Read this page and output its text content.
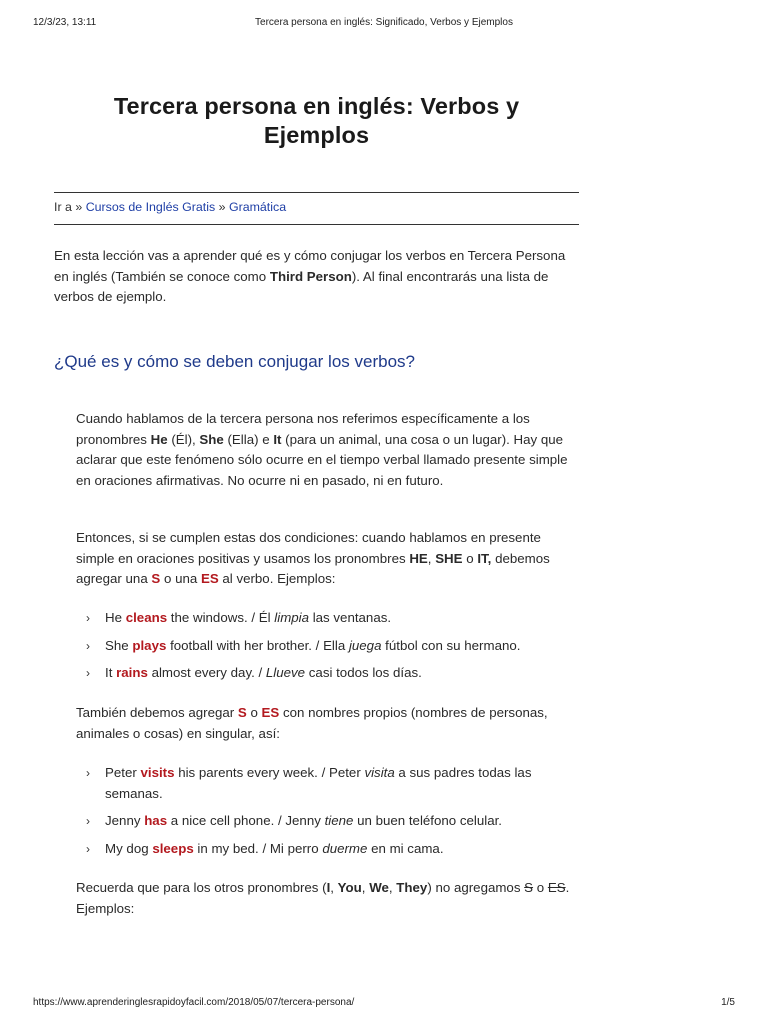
12/3/23, 13:11	Tercera persona en inglés: Significado, Verbos y Ejemplos
Tercera persona en inglés: Verbos y
Ejemplos
Ir a » Cursos de Inglés Gratis » Gramática

En esta lección vas a aprender qué es y cómo conjugar los verbos en Tercera Persona en inglés (También se conoce como Third Person). Al final encontrarás una lista de verbos de ejemplo.

¿Qué es y cómo se deben conjugar los verbos?

Cuando hablamos de la tercera persona nos referimos específicamente a los pronombres He (Él), She (Ella) e It (para un animal, una cosa o un lugar). Hay que aclarar que este fenómeno sólo ocurre en el tiempo verbal llamado presente simple en oraciones afirmativas. No ocurre ni en pasado, ni en futuro.

Entonces, si se cumplen estas dos condiciones: cuando hablamos en presente simple en oraciones positivas y usamos los pronombres HE, SHE o IT, debemos agregar una S o una ES al verbo. Ejemplos:

› He cleans the windows. / Él limpia las ventanas.
› She plays football with her brother. / Ella juega fútbol con su hermano.
› It rains almost every day. / Llueve casi todos los días.

También debemos agregar S o ES con nombres propios (nombres de personas, animales o cosas) en singular, así:

› Peter visits his parents every week. / Peter visita a sus padres todas las semanas.
› Jenny has a nice cell phone. / Jenny tiene un buen teléfono celular.
› My dog sleeps in my bed. / Mi perro duerme en mi cama.

Recuerda que para los otros pronombres (I, You, We, They) no agregamos S o ES. Ejemplos:

https://www.aprenderinglesrapidoyfacil.com/2018/05/07/tercera-persona/	1/5
